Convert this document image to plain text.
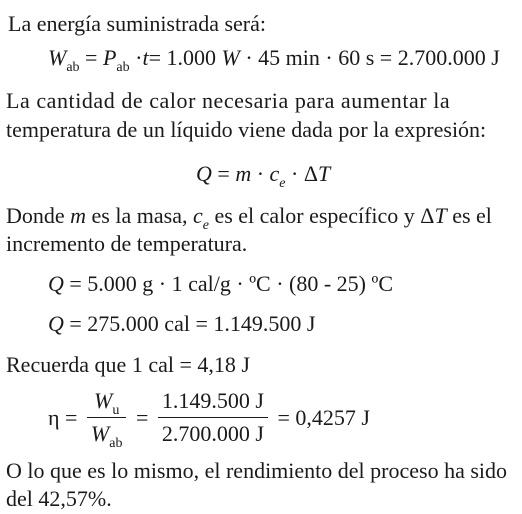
La energía suministrada será:
$W_{ab} = P_{ab} \cdot t= 1.000$ W · 45 min · 60 s = 2.700.000 J
La cantidad de calor necesaria para aumentar la
temperatura de un líquido viene dada por la expresión:
$Q = m \cdot c_e \cdot \Delta T$
Donde m es la masa, $c_e$ es el calor específico y ΔT es el
incremento de temperatura.
Q = 5.000 g · 1 cal/g · ºC · (80 - 25) ºC
Q = 275.000 cal = 1.149.500 J
Recuerda que 1 cal = 4,18 J
$\eta = \frac{W_u}{W_{ab}} = \frac{1.149.500 J}{2.700.000 J} = 0,4257$ J
O lo que es lo mismo, el rendimiento del proceso ha sido
del 42,57%.
